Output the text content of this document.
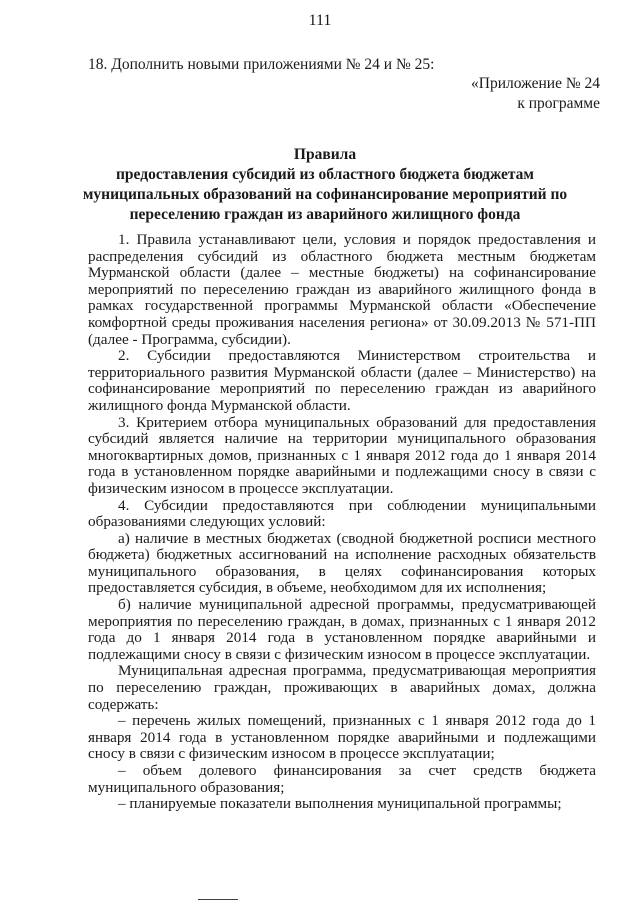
111
18. Дополнить новыми приложениями № 24 и № 25:
«Приложение № 24
к программе
Правила
предоставления субсидий из областного бюджета бюджетам
муниципальных образований на софинансирование мероприятий по
переселению граждан из аварийного жилищного фонда

1. Правила устанавливают цели, условия и порядок предоставления и распределения субсидий из областного бюджета местным бюджетам Мурманской области (далее – местные бюджеты) на софинансирование мероприятий по переселению граждан из аварийного жилищного фонда в рамках государственной программы Мурманской области «Обеспечение комфортной среды проживания населения региона» от 30.09.2013 № 571-ПП (далее - Программа, субсидии).

2. Субсидии предоставляются Министерством строительства и территориального развития Мурманской области (далее – Министерство) на софинансирование мероприятий по переселению граждан из аварийного жилищного фонда Мурманской области.

3. Критерием отбора муниципальных образований для предоставления субсидий является наличие на территории муниципального образования многоквартирных домов, признанных с 1 января 2012 года до 1 января 2014 года в установленном порядке аварийными и подлежащими сносу в связи с физическим износом в процессе эксплуатации.

4. Субсидии предоставляются при соблюдении муниципальными образованиями следующих условий:

а) наличие в местных бюджетах (сводной бюджетной росписи местного бюджета) бюджетных ассигнований на исполнение расходных обязательств муниципального образования, в целях софинансирования которых предоставляется субсидия, в объеме, необходимом для их исполнения;

б) наличие муниципальной адресной программы, предусматривающей мероприятия по переселению граждан, в домах, признанных с 1 января 2012 года до 1 января 2014 года в установленном порядке аварийными и подлежащими сносу в связи с физическим износом в процессе эксплуатации.

Муниципальная адресная программа, предусматривающая мероприятия по переселению граждан, проживающих в аварийных домах, должна содержать:

– перечень жилых помещений, признанных с 1 января 2012 года до 1 января 2014 года в установленном порядке аварийными и подлежащими сносу в связи с физическим износом в процессе эксплуатации;

– объем долевого финансирования за счет средств бюджета муниципального образования;

– планируемые показатели выполнения муниципальной программы;
